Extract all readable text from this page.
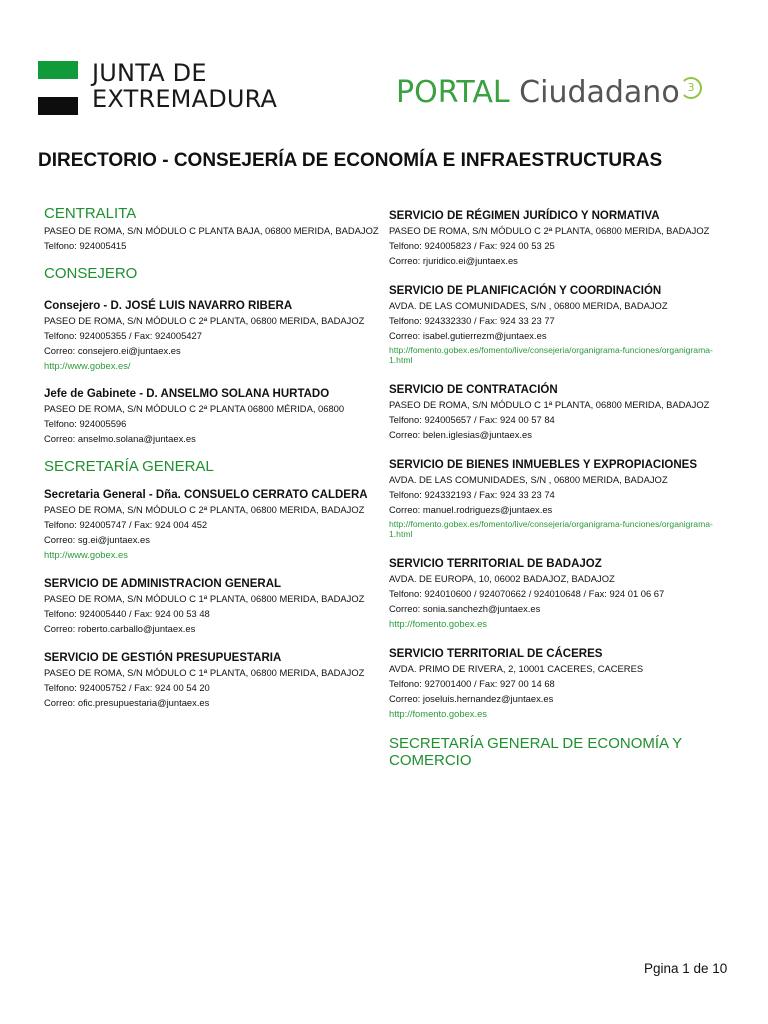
JUNTA DE
EXTREMADURA	PORTAL Ciudadano 3
DIRECTORIO - CONSEJERÍA DE ECONOMÍA E INFRAESTRUCTURAS
CENTRALITA
PASEO DE ROMA, S/N MÓDULO C PLANTA BAJA, 06800 MERIDA, BADAJOZ
Telfono: 924005415
CONSEJERO
Consejero - D. JOSÉ LUIS NAVARRO RIBERA
PASEO DE ROMA, S/N MÓDULO C 2ª PLANTA, 06800 MERIDA, BADAJOZ
Telfono: 924005355 / Fax: 924005427
Correo: consejero.ei@juntaex.es
http://www.gobex.es/
Jefe de Gabinete - D. ANSELMO SOLANA HURTADO
PASEO DE ROMA, S/N MÓDULO C 2ª PLANTA 06800 MÉRIDA, 06800
Telfono: 924005596
Correo: anselmo.solana@juntaex.es
SECRETARÍA GENERAL
Secretaria General - Dña. CONSUELO CERRATO CALDERA
PASEO DE ROMA, S/N MÓDULO C 2ª PLANTA, 06800 MERIDA, BADAJOZ
Telfono: 924005747 / Fax: 924 004 452
Correo: sg.ei@juntaex.es
http://www.gobex.es
SERVICIO DE ADMINISTRACION GENERAL
PASEO DE ROMA, S/N MÓDULO C 1ª PLANTA, 06800 MERIDA, BADAJOZ
Telfono: 924005440 / Fax: 924 00 53 48
Correo: roberto.carballo@juntaex.es
SERVICIO DE GESTIÓN PRESUPUESTARIA
PASEO DE ROMA, S/N MÓDULO C 1ª PLANTA, 06800 MERIDA, BADAJOZ
Telfono: 924005752 / Fax: 924 00 54 20
Correo: ofic.presupuestaria@juntaex.es
SERVICIO DE RÉGIMEN JURÍDICO Y NORMATIVA
PASEO DE ROMA, S/N MÓDULO C 2ª PLANTA, 06800 MERIDA, BADAJOZ
Telfono: 924005823 / Fax: 924 00 53 25
Correo: rjuridico.ei@juntaex.es
SERVICIO DE PLANIFICACIÓN Y COORDINACIÓN
AVDA. DE LAS COMUNIDADES, S/N , 06800 MERIDA, BADAJOZ
Telfono: 924332330 / Fax: 924 33 23 77
Correo: isabel.gutierrezm@juntaex.es
http://fomento.gobex.es/fomento/live/consejeria/organigrama-funciones/organigrama-1.html
SERVICIO DE CONTRATACIÓN
PASEO DE ROMA, S/N MÓDULO C 1ª PLANTA, 06800 MERIDA, BADAJOZ
Telfono: 924005657 / Fax: 924 00 57 84
Correo: belen.iglesias@juntaex.es
SERVICIO DE BIENES INMUEBLES Y EXPROPIACIONES
AVDA. DE LAS COMUNIDADES, S/N , 06800 MERIDA, BADAJOZ
Telfono: 924332193 / Fax: 924 33 23 74
Correo: manuel.rodriguezs@juntaex.es
http://fomento.gobex.es/fomento/live/consejeria/organigrama-funciones/organigrama-1.html
SERVICIO TERRITORIAL DE BADAJOZ
AVDA. DE EUROPA, 10, 06002 BADAJOZ, BADAJOZ
Telfono: 924010600 / 924070662 / 924010648 / Fax: 924 01 06 67
Correo: sonia.sanchezh@juntaex.es
http://fomento.gobex.es
SERVICIO TERRITORIAL DE CÁCERES
AVDA. PRIMO DE RIVERA, 2, 10001 CACERES, CACERES
Telfono: 927001400 / Fax: 927 00 14 68
Correo: joseluis.hernandez@juntaex.es
http://fomento.gobex.es
SECRETARÍA GENERAL DE ECONOMÍA Y COMERCIO
Pgina 1 de 10
